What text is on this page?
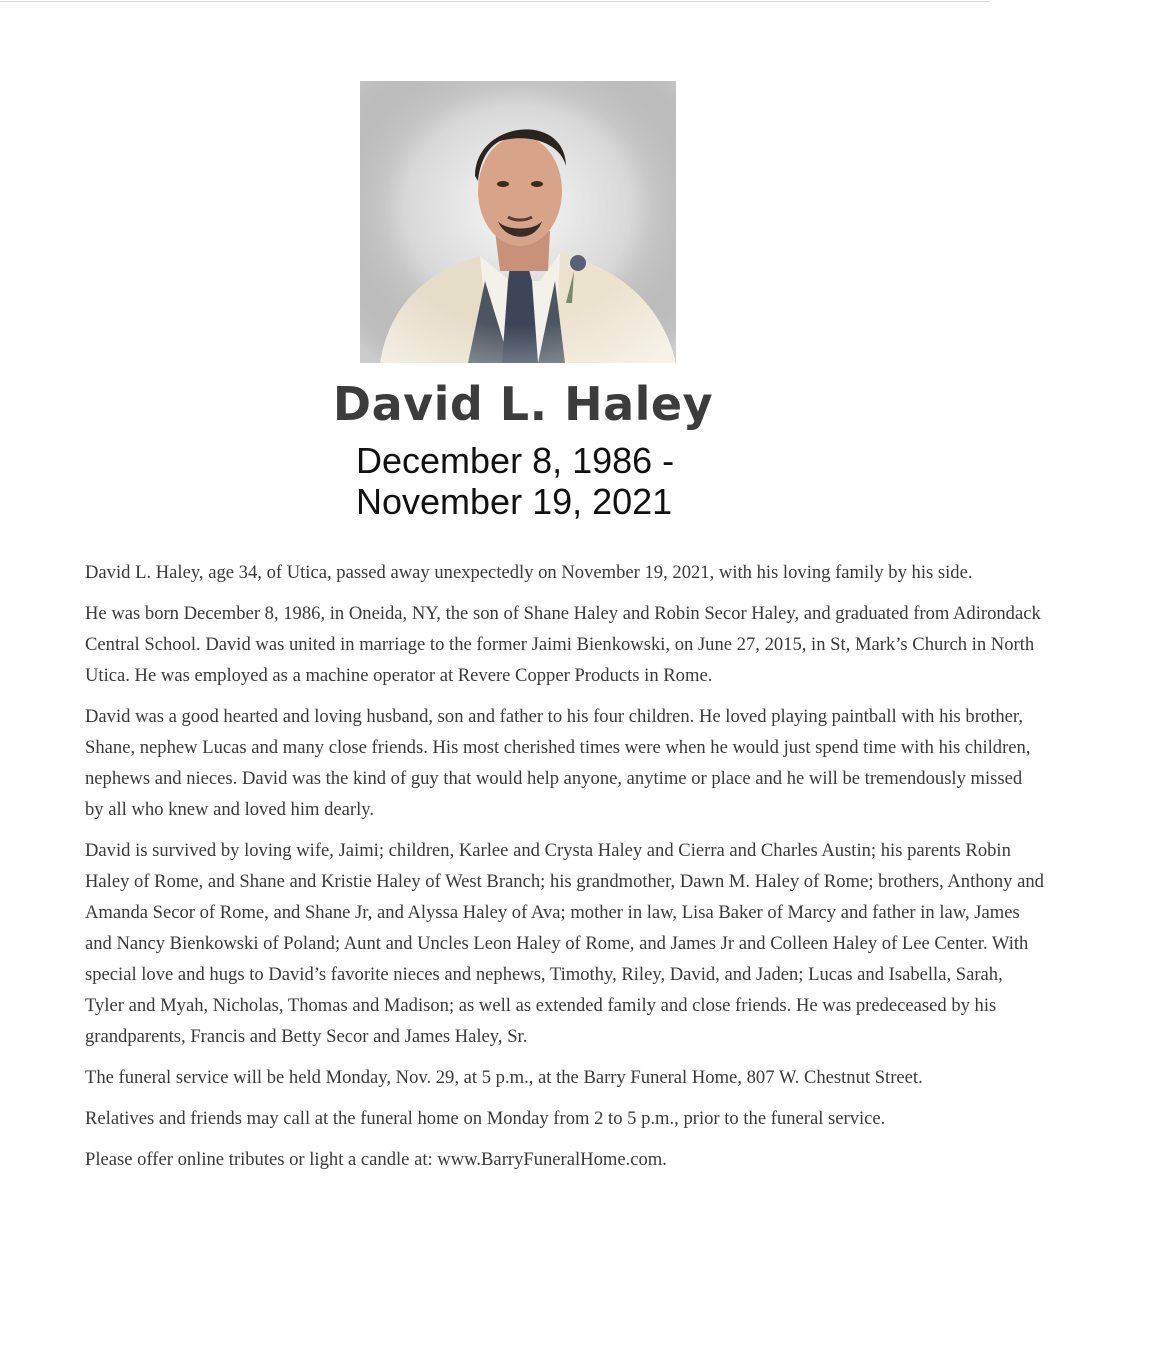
David L. Haley
December 8, 1986 -
November 19, 2021

David L. Haley, age 34, of Utica, passed away unexpectedly on November 19, 2021, with his loving family by his side.

He was born December 8, 1986, in Oneida, NY, the son of Shane Haley and Robin Secor Haley, and graduated from Adirondack Central School. David was united in marriage to the former Jaimi Bienkowski, on June 27, 2015, in St, Mark’s Church in North Utica. He was employed as a machine operator at Revere Copper Products in Rome.

David was a good hearted and loving husband, son and father to his four children. He loved playing paintball with his brother, Shane, nephew Lucas and many close friends. His most cherished times were when he would just spend time with his children, nephews and nieces. David was the kind of guy that would help anyone, anytime or place and he will be tremendously missed by all who knew and loved him dearly.

David is survived by loving wife, Jaimi; children, Karlee and Crysta Haley and Cierra and Charles Austin; his parents Robin Haley of Rome, and Shane and Kristie Haley of West Branch; his grandmother, Dawn M. Haley of Rome; brothers, Anthony and Amanda Secor of Rome, and Shane Jr, and Alyssa Haley of Ava; mother in law, Lisa Baker of Marcy and father in law, James and Nancy Bienkowski of Poland; Aunt and Uncles Leon Haley of Rome, and James Jr and Colleen Haley of Lee Center. With special love and hugs to David’s favorite nieces and nephews, Timothy, Riley, David, and Jaden; Lucas and Isabella, Sarah, Tyler and Myah, Nicholas, Thomas and Madison; as well as extended family and close friends. He was predeceased by his grandparents, Francis and Betty Secor and James Haley, Sr.

The funeral service will be held Monday, Nov. 29, at 5 p.m., at the Barry Funeral Home, 807 W. Chestnut Street.

Relatives and friends may call at the funeral home on Monday from 2 to 5 p.m., prior to the funeral service.

Please offer online tributes or light a candle at: www.BarryFuneralHome.com.
